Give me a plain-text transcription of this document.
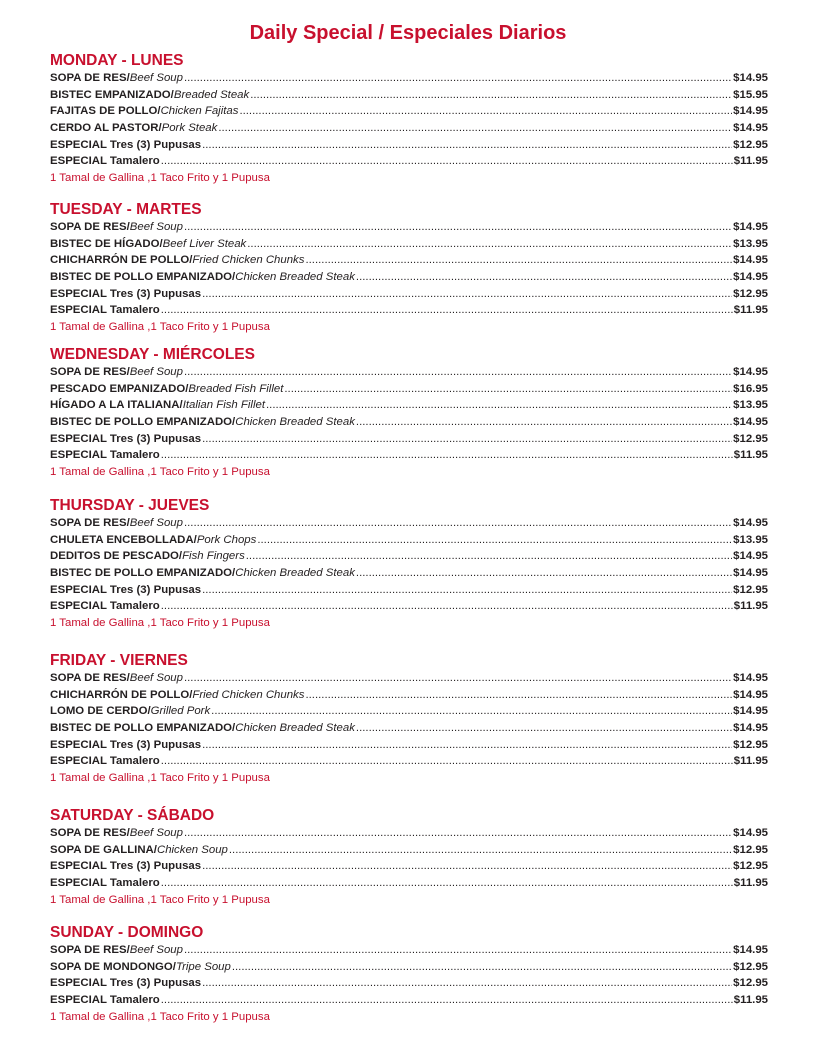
Daily Special / Especiales Diarios
MONDAY - LUNES
SOPA DE RES / Beef Soup .....	$14.95
BISTEC EMPANIZADO / Breaded Steak .....	$15.95
FAJITAS DE POLLO / Chicken Fajitas .....	$14.95
CERDO AL PASTOR / Pork Steak .....	$14.95
ESPECIAL Tres (3) Pupusas .....	$12.95
ESPECIAL Tamalero .....	$11.95

1 Tamal de Gallina ,1 Taco Frito y 1 Pupusa

TUESDAY - MARTES
SOPA DE RES / Beef Soup .....	$14.95
BISTEC DE HÍGADO / Beef Liver Steak .....	$13.95
CHICHARRÓN DE POLLO / Fried Chicken Chunks .....	$14.95
BISTEC DE POLLO EMPANIZADO / Chicken Breaded Steak .....	$14.95
ESPECIAL Tres (3) Pupusas .....	$12.95
ESPECIAL Tamalero .....	$11.95

1 Tamal de Gallina ,1 Taco Frito y 1 Pupusa

WEDNESDAY - MIÉRCOLES
SOPA DE RES / Beef Soup .....	$14.95
PESCADO EMPANIZADO / Breaded Fish Fillet .....	$16.95
HÍGADO A LA ITALIANA / Italian Fish Fillet .....	$13.95
BISTEC DE POLLO EMPANIZADO / Chicken Breaded Steak .....	$14.95
ESPECIAL Tres (3) Pupusas .....	$12.95
ESPECIAL Tamalero .....	$11.95

1 Tamal de Gallina ,1 Taco Frito y 1 Pupusa

THURSDAY - JUEVES
SOPA DE RES / Beef Soup .....	$14.95
CHULETA ENCEBOLLADA / Pork Chops .....	$13.95
DEDITOS DE PESCADO / Fish Fingers .....	$14.95
BISTEC DE POLLO EMPANIZADO / Chicken Breaded Steak .....	$14.95
ESPECIAL Tres (3) Pupusas .....	$12.95
ESPECIAL Tamalero .....	$11.95

1 Tamal de Gallina ,1 Taco Frito y 1 Pupusa

FRIDAY - VIERNES
SOPA DE RES / Beef Soup .....	$14.95
CHICHARRÓN DE POLLO / Fried Chicken Chunks .....	$14.95
LOMO DE CERDO / Grilled Pork .....	$14.95
BISTEC DE POLLO EMPANIZADO / Chicken Breaded Steak .....	$14.95
ESPECIAL Tres (3) Pupusas .....	$12.95
ESPECIAL Tamalero .....	$11.95

1 Tamal de Gallina ,1 Taco Frito y 1 Pupusa

SATURDAY - SÁBADO
SOPA DE RES / Beef Soup .....	$14.95
SOPA DE GALLINA / Chicken Soup .....	$12.95
ESPECIAL Tres (3) Pupusas .....	$12.95
ESPECIAL Tamalero .....	$11.95

1 Tamal de Gallina ,1 Taco Frito y 1 Pupusa

SUNDAY - DOMINGO
SOPA DE RES / Beef Soup .....	$14.95
SOPA DE MONDONGO / Tripe Soup .....	$12.95
ESPECIAL Tres (3) Pupusas .....	$12.95
ESPECIAL Tamalero .....	$11.95

1 Tamal de Gallina ,1 Taco Frito y 1 Pupusa
